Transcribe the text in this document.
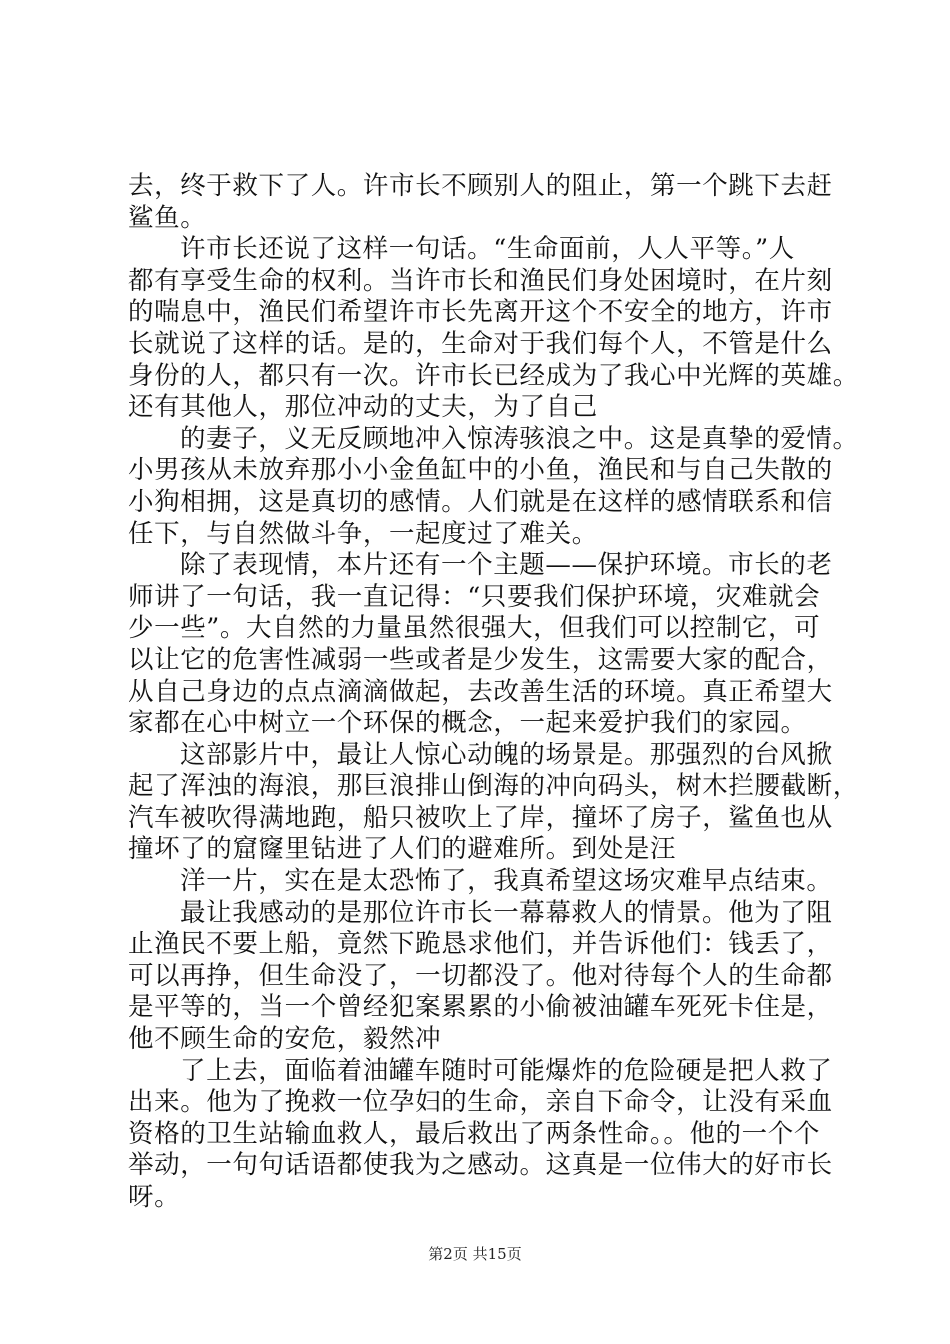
去，终于救下了人。许市长不顾别人的阻止，第一个跳下去赶
鲨鱼。
许市长还说了这样一句话。“生命面前，人人平等。”人
都有享受生命的权利。当许市长和渔民们身处困境时，在片刻
的喘息中，渔民们希望许市长先离开这个不安全的地方，许市
长就说了这样的话。是的，生命对于我们每个人，不管是什么
身份的人，都只有一次。许市长已经成为了我心中光辉的英雄。
还有其他人，那位冲动的丈夫，为了自己
的妻子，义无反顾地冲入惊涛骇浪之中。这是真挚的爱情。
小男孩从未放弃那小小金鱼缸中的小鱼，渔民和与自己失散的
小狗相拥，这是真切的感情。人们就是在这样的感情联系和信
任下，与自然做斗争，一起度过了难关。
除了表现情，本片还有一个主题——保护环境。市长的老
师讲了一句话，我一直记得：“只要我们保护环境，灾难就会
少一些”。大自然的力量虽然很强大，但我们可以控制它，可
以让它的危害性减弱一些或者是少发生，这需要大家的配合，
从自己身边的点点滴滴做起，去改善生活的环境。真正希望大
家都在心中树立一个环保的概念，一起来爱护我们的家园。
这部影片中，最让人惊心动魄的场景是。那强烈的台风掀
起了浑浊的海浪，那巨浪排山倒海的冲向码头，树木拦腰截断，
汽车被吹得满地跑，船只被吹上了岸，撞坏了房子，鲨鱼也从
撞坏了的窟窿里钻进了人们的避难所。到处是汪
洋一片，实在是太恐怖了，我真希望这场灾难早点结束。
最让我感动的是那位许市长一幕幕救人的情景。他为了阻
止渔民不要上船，竟然下跪恳求他们，并告诉他们：钱丢了，
可以再挣，但生命没了，一切都没了。他对待每个人的生命都
是平等的，当一个曾经犯案累累的小偷被油罐车死死卡住是，
他不顾生命的安危，毅然冲
了上去，面临着油罐车随时可能爆炸的危险硬是把人救了
出来。他为了挽救一位孕妇的生命，亲自下命令，让没有采血
资格的卫生站输血救人，最后救出了两条性命。。他的一个个
举动，一句句话语都使我为之感动。这真是一位伟大的好市长
呀。
第2页 共15页
